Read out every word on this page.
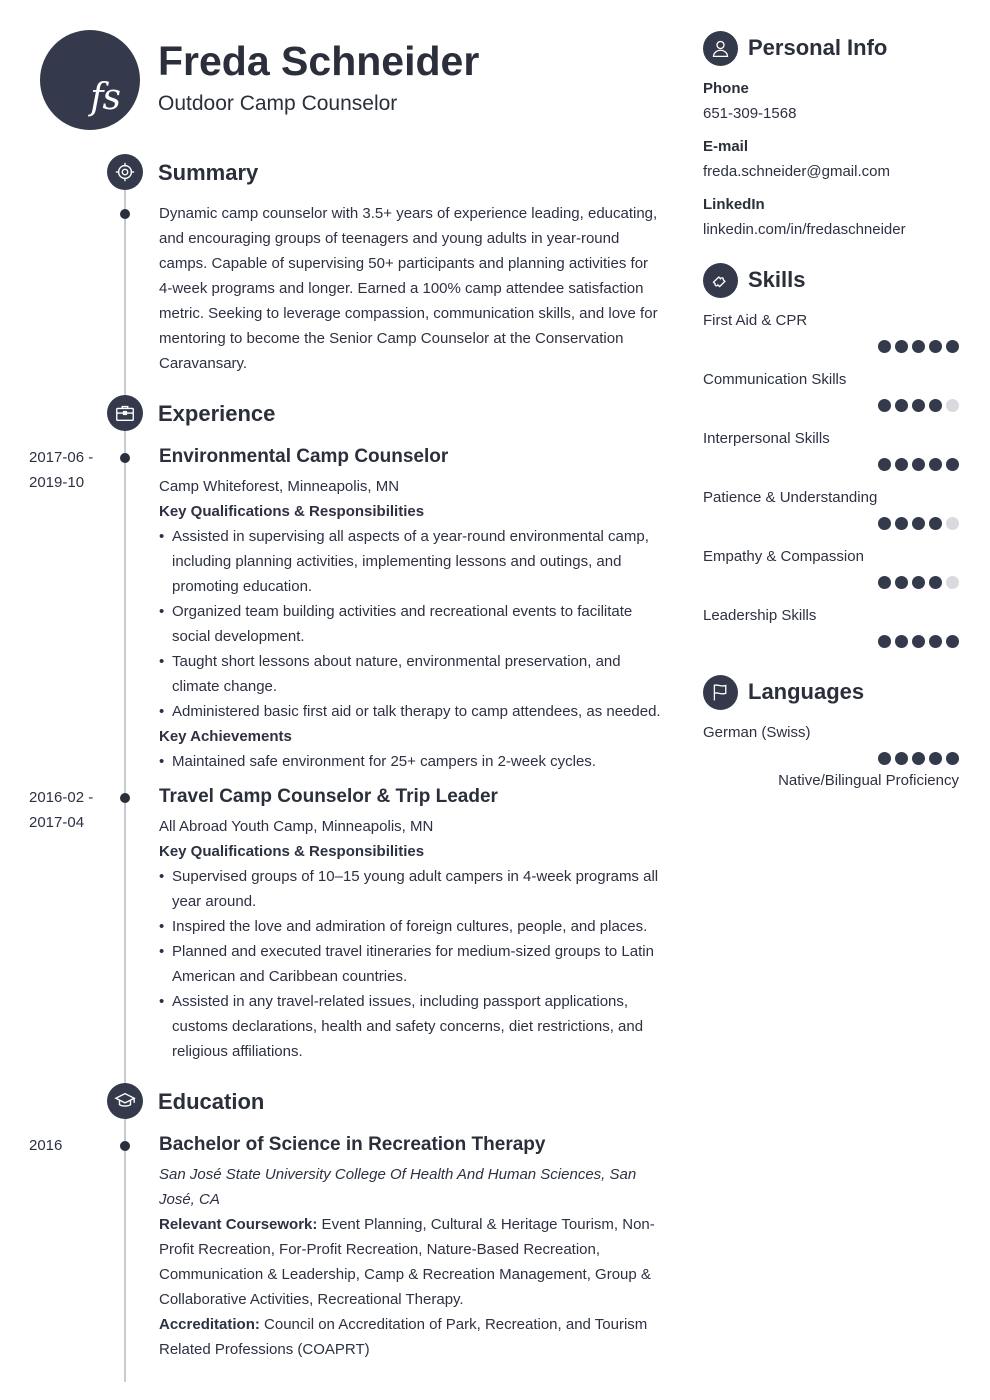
fs
Freda Schneider
Outdoor Camp Counselor
Summary
Dynamic camp counselor with 3.5+ years of experience leading, educating, and encouraging groups of teenagers and young adults in year-round camps. Capable of supervising 50+ participants and planning activities for 4-week programs and longer. Earned a 100% camp attendee satisfaction metric. Seeking to leverage compassion, communication skills, and love for mentoring to become the Senior Camp Counselor at the Conservation Caravansary.
Experience
2017-06 - 2019-10
Environmental Camp Counselor
Camp Whiteforest, Minneapolis, MN
Key Qualifications & Responsibilities
• Assisted in supervising all aspects of a year-round environmental camp, including planning activities, implementing lessons and outings, and promoting education.
• Organized team building activities and recreational events to facilitate social development.
• Taught short lessons about nature, environmental preservation, and climate change.
• Administered basic first aid or talk therapy to camp attendees, as needed.
Key Achievements
• Maintained safe environment for 25+ campers in 2-week cycles.
2016-02 - 2017-04
Travel Camp Counselor & Trip Leader
All Abroad Youth Camp, Minneapolis, MN
Key Qualifications & Responsibilities
• Supervised groups of 10–15 young adult campers in 4-week programs all year around.
• Inspired the love and admiration of foreign cultures, people, and places.
• Planned and executed travel itineraries for medium-sized groups to Latin American and Caribbean countries.
• Assisted in any travel-related issues, including passport applications, customs declarations, health and safety concerns, diet restrictions, and religious affiliations.
Education
2016	Bachelor of Science in Recreation Therapy
San José State University College Of Health And Human Sciences, San José, CA
Relevant Coursework: Event Planning, Cultural & Heritage Tourism, Non-Profit Recreation, For-Profit Recreation, Nature-Based Recreation, Communication & Leadership, Camp & Recreation Management, Group & Collaborative Activities, Recreational Therapy.
Accreditation: Council on Accreditation of Park, Recreation, and Tourism Related Professions (COAPRT)
Personal Info
Phone
651-309-1568
E-mail
freda.schneider@gmail.com
LinkedIn
linkedin.com/in/fredaschneider
Skills
First Aid & CPR
Communication Skills
Interpersonal Skills
Patience & Understanding
Empathy & Compassion
Leadership Skills
Languages
German (Swiss)
Native/Bilingual Proficiency
